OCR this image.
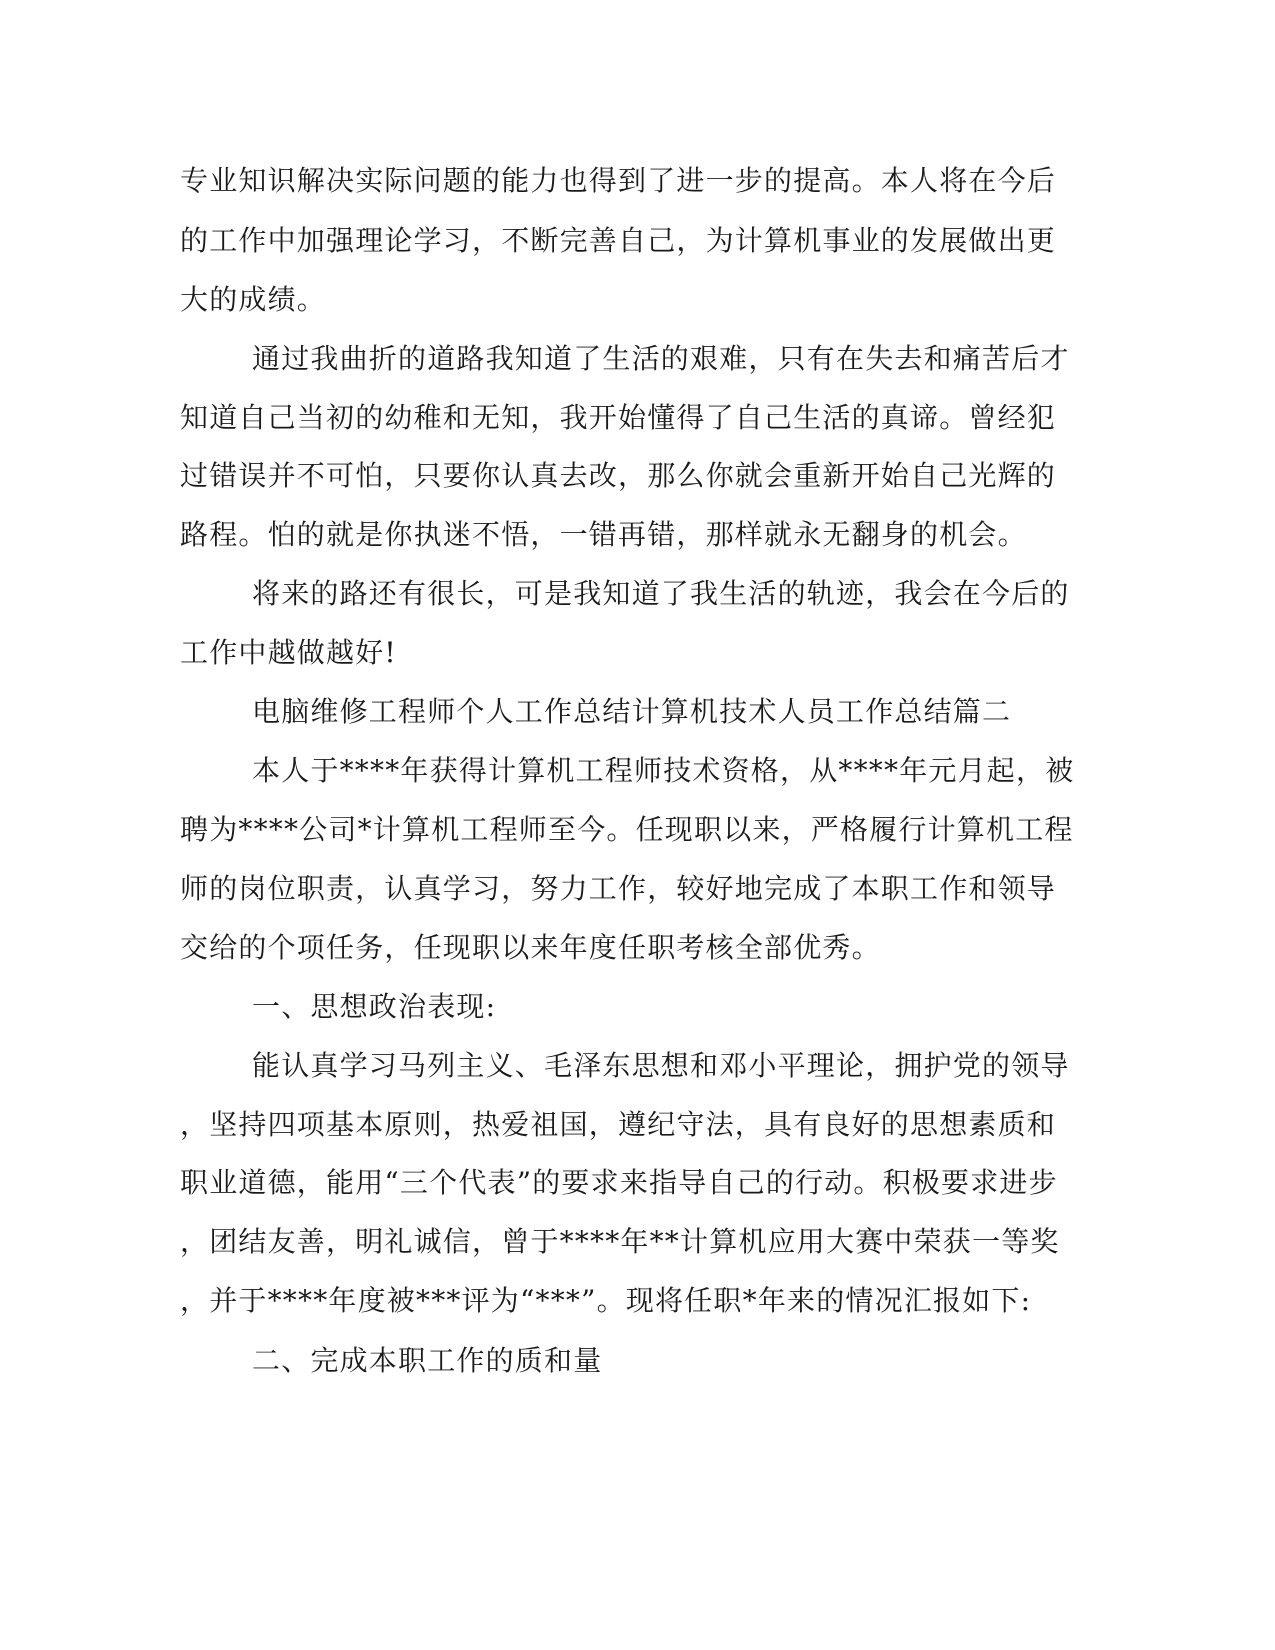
专业知识解决实际问题的能力也得到了进一步的提高。本人将在今后

的工作中加强理论学习，不断完善自己，为计算机事业的发展做出更

大的成绩。

通过我曲折的道路我知道了生活的艰难，只有在失去和痛苦后才

知道自己当初的幼稚和无知，我开始懂得了自己生活的真谛。曾经犯

过错误并不可怕，只要你认真去改，那么你就会重新开始自己光辉的

路程。怕的就是你执迷不悟，一错再错，那样就永无翻身的机会。

将来的路还有很长，可是我知道了我生活的轨迹，我会在今后的

工作中越做越好!

电脑维修工程师个人工作总结计算机技术人员工作总结篇二

本人于****年获得计算机工程师技术资格，从****年元月起，被

聘为****公司*计算机工程师至今。任现职以来，严格履行计算机工程

师的岗位职责，认真学习，努力工作，较好地完成了本职工作和领导

交给的个项任务，任现职以来年度任职考核全部优秀。

一、思想政治表现:

能认真学习马列主义、毛泽东思想和邓小平理论，拥护党的领导

，坚持四项基本原则，热爱祖国，遵纪守法，具有良好的思想素质和

职业道德，能用“三个代表”的要求来指导自己的行动。积极要求进步

，团结友善，明礼诚信，曾于****年**计算机应用大赛中荣获一等奖

，并于****年度被***评为“***”。现将任职*年来的情况汇报如下:

二、完成本职工作的质和量
